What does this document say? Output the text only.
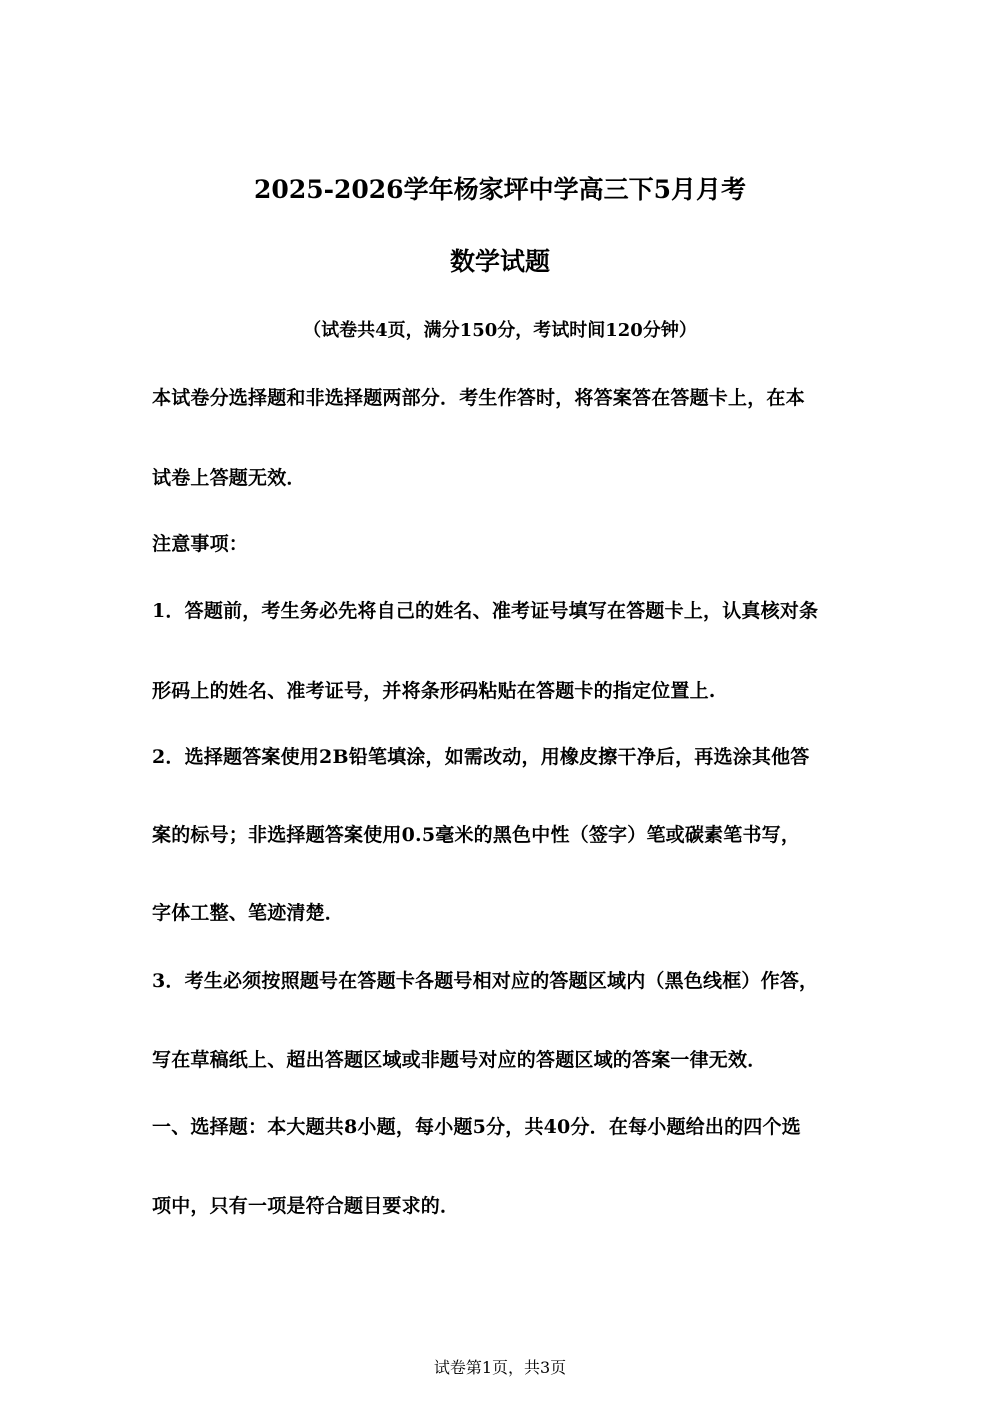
2025-2026学年杨家坪中学高三下5月月考
数学试题
（试卷共4页，满分150分，考试时间120分钟）
本试卷分选择题和非选择题两部分．考生作答时，将答案答在答题卡上，在本
试卷上答题无效．
注意事项：
1．答题前，考生务必先将自己的姓名、准考证号填写在答题卡上，认真核对条
形码上的姓名、准考证号，并将条形码粘贴在答题卡的指定位置上.
2．选择题答案使用2B铅笔填涂，如需改动，用橡皮擦干净后，再选涂其他答
案的标号；非选择题答案使用0.5毫米的黑色中性（签字）笔或碳素笔书写，
字体工整、笔迹清楚．
3．考生必须按照题号在答题卡各题号相对应的答题区域内（黑色线框）作答，
写在草稿纸上、超出答题区域或非题号对应的答题区域的答案一律无效．
一、选择题：本大题共8小题，每小题5分，共40分．在每小题给出的四个选
项中，只有一项是符合题目要求的．
试卷第1页，共3页
